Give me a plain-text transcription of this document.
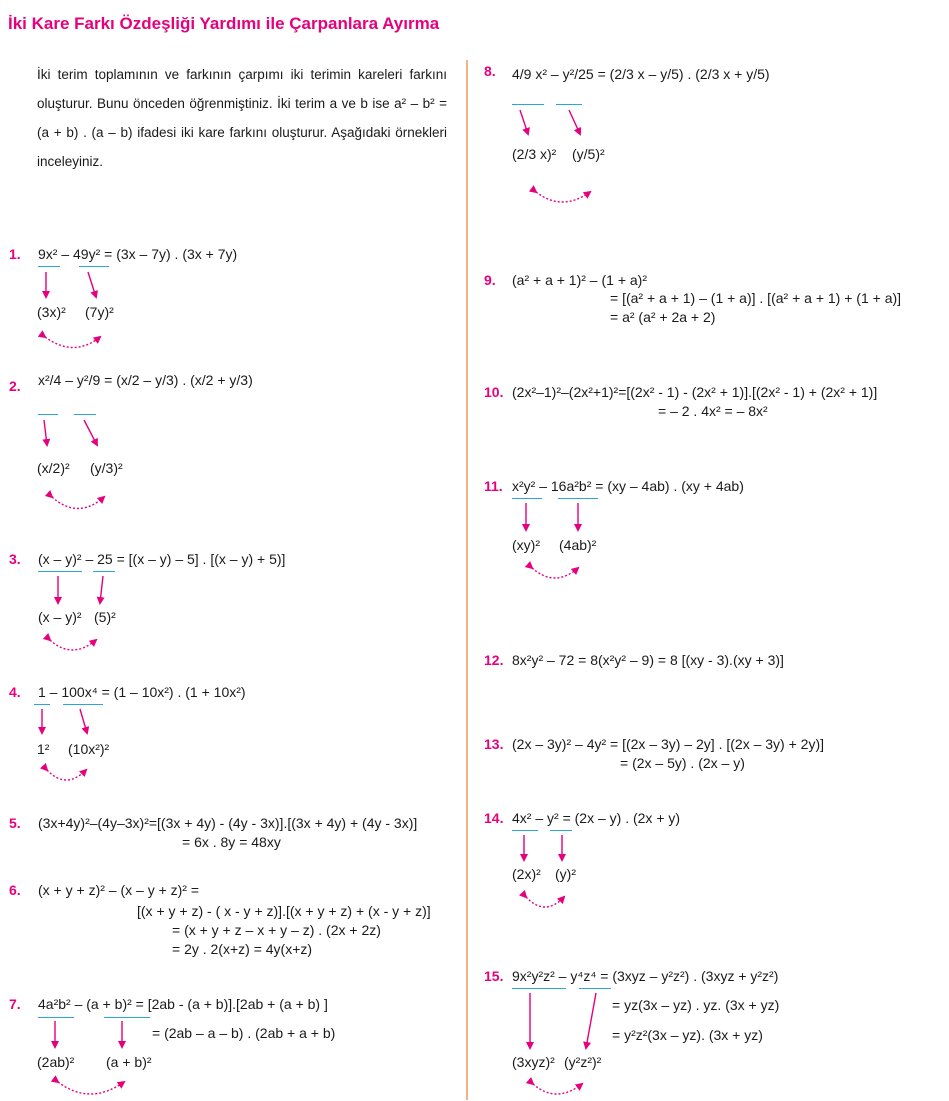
İki Kare Farkı Özdeşliği Yardımı ile Çarpanlara Ayırma
İki terim toplamının ve farkının çarpımı iki terimin kareleri farkını oluşturur. Bunu önceden öğrenmiştiniz. İki terim a ve b ise a² – b² = (a + b) . (a – b) ifadesi iki kare farkını oluşturur. Aşağıdaki örnekleri inceleyiniz.
1. 9x² – 49y² = (3x – 7y) . (3x + 7y)
(3x)² (7y)²
2. x²/4 – y²/9 = (x/2 – y/3) . (x/2 + y/3)
(x/2)² (y/3)²
3. (x – y)² – 25 = [(x – y) – 5] . [(x – y) + 5)]
(x – y)² (5)²
4. 1 – 100x⁴ = (1 – 10x²) . (1 + 10x²)
1² (10x²)²
5. (3x+4y)²–(4y–3x)²=[(3x + 4y) - (4y - 3x)].[(3x + 4y) + (4y - 3x)]
= 6x . 8y = 48xy
6. (x + y + z)² – (x – y + z)² =
[(x + y + z) - ( x - y + z)].[(x + y + z) + (x - y + z)]
= (x + y + z – x + y – z) . (2x + 2z)
= 2y . 2(x+z) = 4y(x+z)
7. 4a²b² – (a + b)² = [2ab - (a + b)].[2ab + (a + b) ]
= (2ab – a – b) . (2ab + a + b)
(2ab)² (a + b)²
8. 4/9 x² – y²/25 = (2/3 x – y/5) . (2/3 x + y/5)
(2/3 x)² (y/5)²
9. (a² + a + 1)² – (1 + a)²
= [(a² + a + 1) – (1 + a)] . [(a² + a + 1) + (1 + a)]
= a² (a² + 2a + 2)
10. (2x²–1)²–(2x²+1)²=[(2x² - 1) - (2x² + 1)].[(2x² - 1) + (2x² + 1)]
= – 2 . 4x² = – 8x²
11. x²y² – 16a²b² = (xy – 4ab) . (xy + 4ab)
(xy)² (4ab)²
12. 8x²y² – 72 = 8(x²y² – 9) = 8 [(xy - 3).(xy + 3)]
13. (2x – 3y)² – 4y² = [(2x – 3y) – 2y] . [(2x – 3y) + 2y)]
= (2x – 5y) . (2x – y)
14. 4x² – y² = (2x – y) . (2x + y)
(2x)² (y)²
15. 9x²y²z² – y⁴z⁴ = (3xyz – y²z²) . (3xyz + y²z²)
= yz(3x – yz) . yz. (3x + yz)
= y²z²(3x – yz). (3x + yz)
(3xyz)² (y²z²)²
